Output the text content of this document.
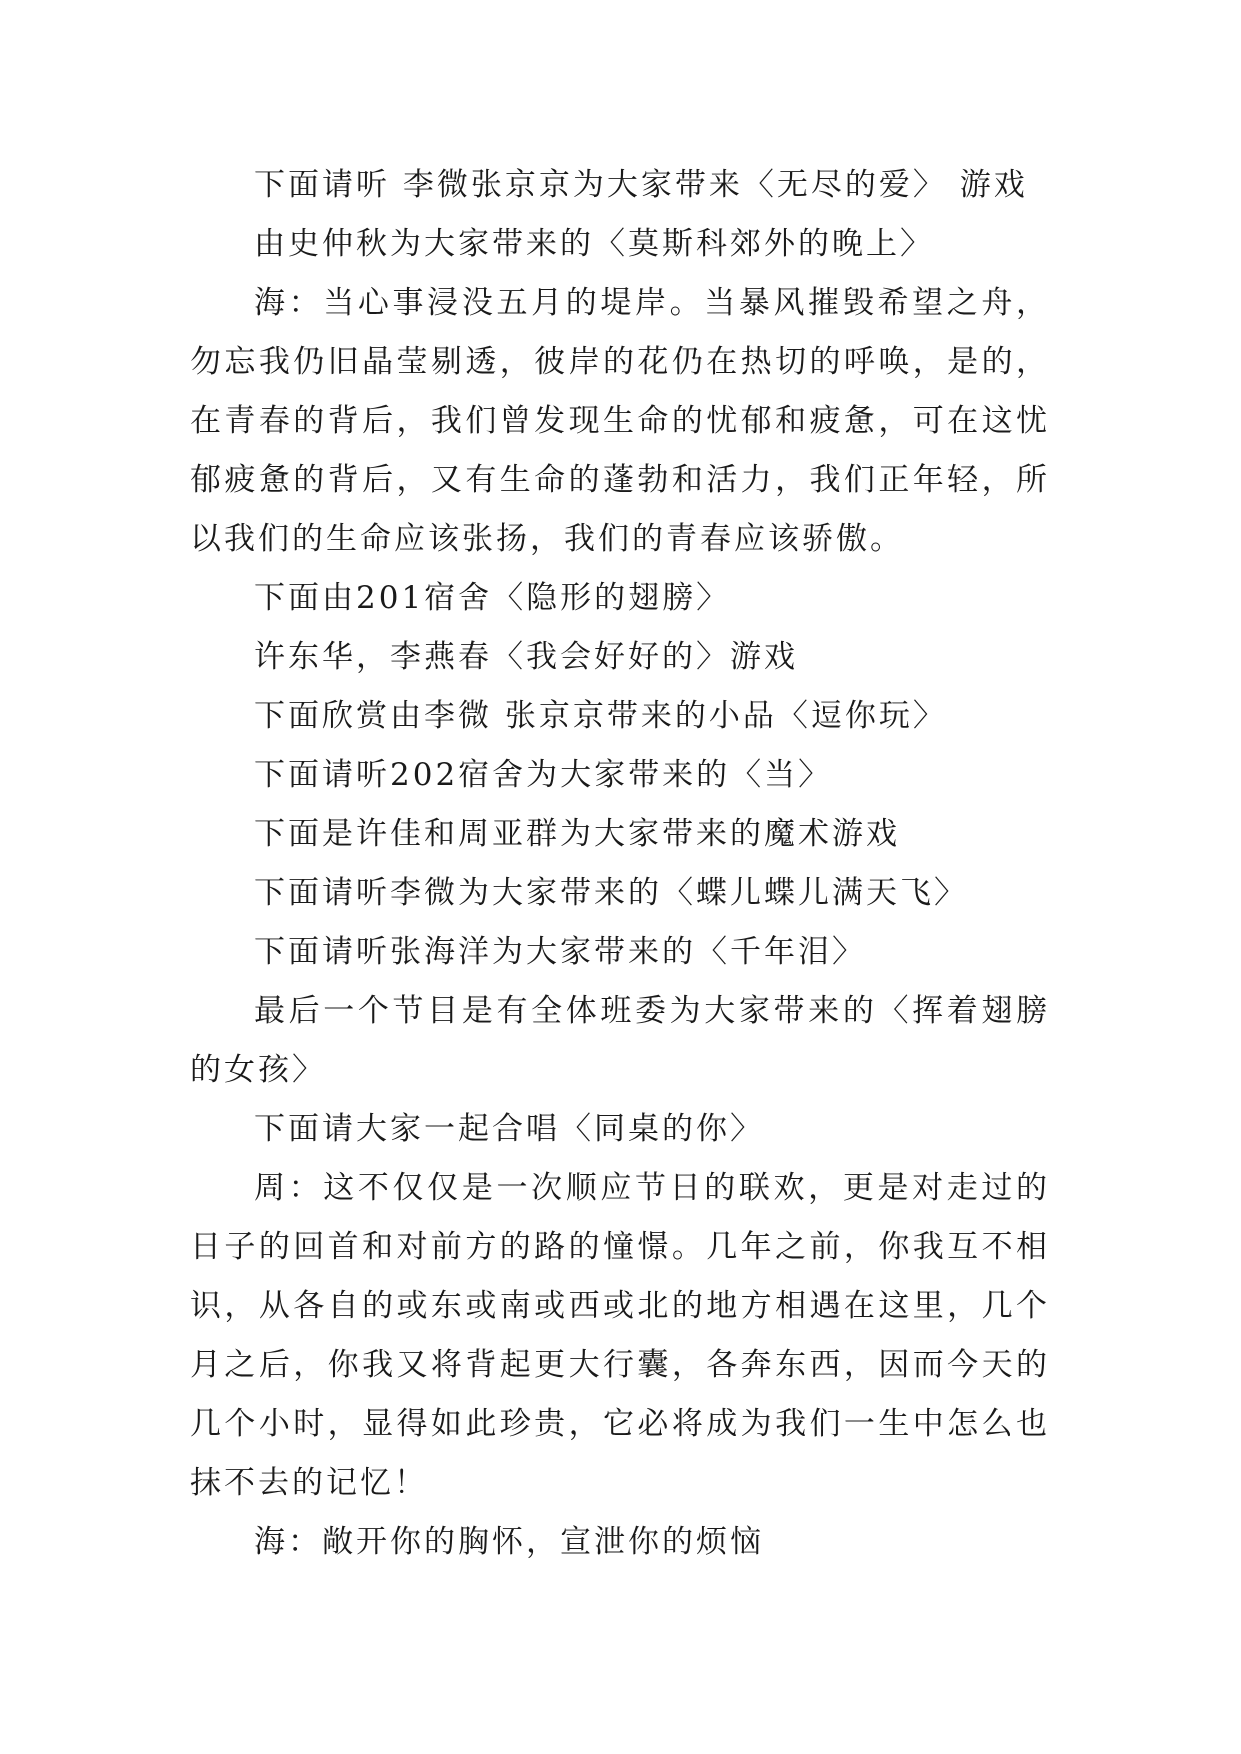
下面请听 李微张京京为大家带来〈无尽的爱〉 游戏

由史仲秋为大家带来的〈莫斯科郊外的晚上〉

海：当心事浸没五月的堤岸。当暴风摧毁希望之舟，勿忘我仍旧晶莹剔透，彼岸的花仍在热切的呼唤，是的，在青春的背后，我们曾发现生命的忧郁和疲惫，可在这忧郁疲惫的背后，又有生命的蓬勃和活力，我们正年轻，所以我们的生命应该张扬，我们的青春应该骄傲。

下面由201宿舍〈隐形的翅膀〉

许东华，李燕春〈我会好好的〉游戏

下面欣赏由李微 张京京带来的小品〈逗你玩〉

下面请听202宿舍为大家带来的〈当〉

下面是许佳和周亚群为大家带来的魔术游戏

下面请听李微为大家带来的〈蝶儿蝶儿满天飞〉

下面请听张海洋为大家带来的〈千年泪〉

最后一个节目是有全体班委为大家带来的〈挥着翅膀的女孩〉

下面请大家一起合唱〈同桌的你〉

周：这不仅仅是一次顺应节日的联欢，更是对走过的日子的回首和对前方的路的憧憬。几年之前，你我互不相识，从各自的或东或南或西或北的地方相遇在这里，几个月之后，你我又将背起更大行囊，各奔东西，因而今天的几个小时，显得如此珍贵，它必将成为我们一生中怎么也抹不去的记忆！

海：敞开你的胸怀，宣泄你的烦恼
